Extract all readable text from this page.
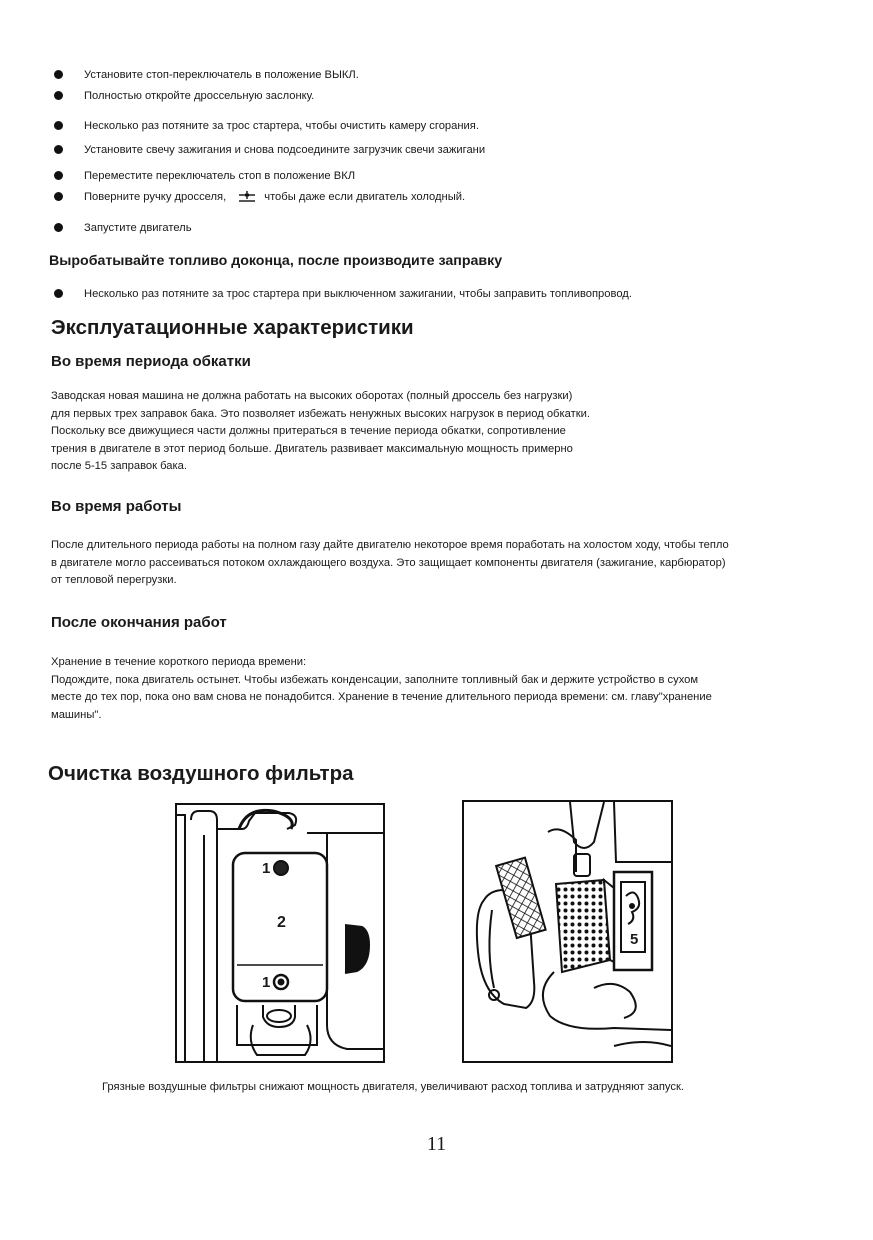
Установите стоп-переключатель в положение ВЫКЛ.
Полностью откройте дроссельную заслонку.
Несколько раз потяните за трос стартера, чтобы очистить камеру сгорания.
Установите свечу зажигания и снова подсоедините загрузчик свечи зажигани
Переместите переключатель стоп в положение ВКЛ
Поверните ручку дросселя,	чтобы даже если двигатель холодный.
Запустите двигатель
Выробатывайте топливо доконца, после производите заправку
Несколько раз потяните за трос стартера при выключенном зажигании, чтобы заправить топливопровод.
Эксплуатационные характеристики
Во время периода обкатки
Заводская новая машина не должна работать на высоких оборотах (полный дроссель без нагрузки)
для первых трех заправок бака. Это позволяет избежать ненужных высоких нагрузок в период обкатки.
Поскольку все движущиеся части должны притераться в течение периода обкатки, сопротивление
трения в двигателе в этот период больше. Двигатель развивает максимальную мощность примерно
после 5-15 заправок бака.
Во время работы
После длительного периода работы на полном газу дайте двигателю некоторое время поработать на холостом ходу, чтобы тепло
в двигателе могло рассеиваться потоком охлаждающего воздуха. Это защищает компоненты двигателя (зажигание, карбюратор)
от тепловой перегрузки.
После окончания работ
Хранение в течение короткого периода времени:
Подождите, пока двигатель остынет. Чтобы избежать конденсации, заполните топливный бак и держите устройство в сухом
месте до тех пор, пока оно вам снова не понадобится. Хранение в течение длительного периода времени: см. главу"хранение
машины".
Очистка воздушного фильтра
1
2
1
5
Грязные воздушные фильтры снижают мощность двигателя, увеличивают расход топлива и затрудняют запуск.
11
